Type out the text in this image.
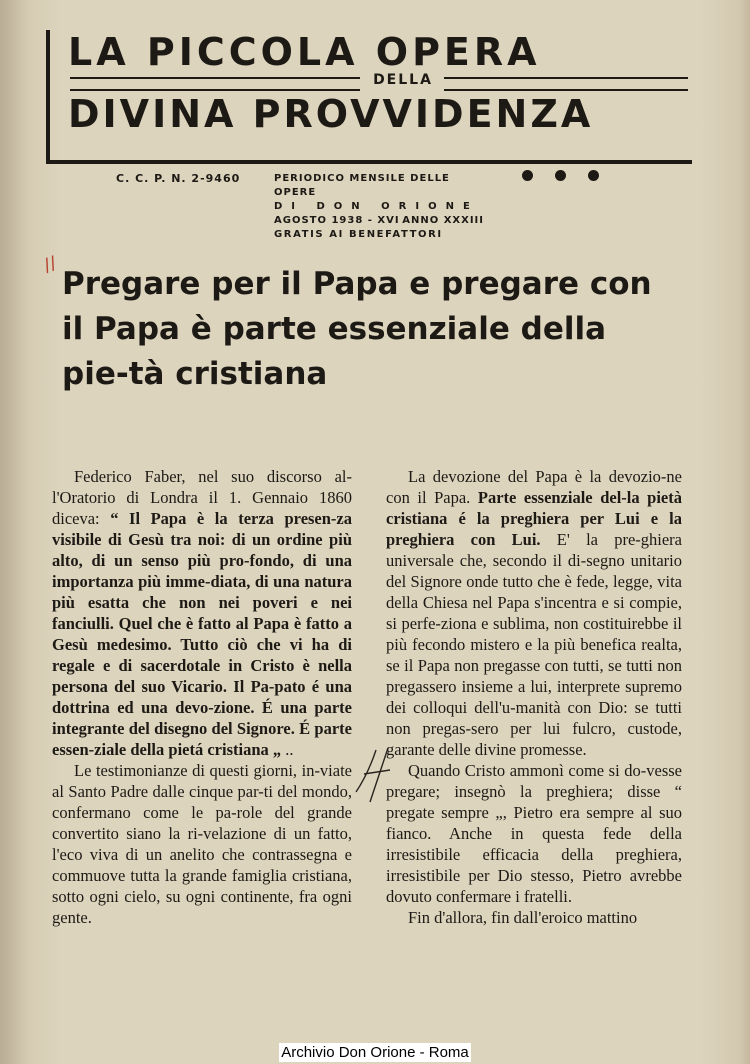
LA PICCOLA OPERA
DELLA
DIVINA PROVVIDENZA
C. C. P. N. 2-9460	PERIODICO MENSILE DELLE OPERE
DI DON ORIONE
AGOSTO 1938 - XVI ANNO XXXIII
GRATIS AI BENEFATTORI
//
Pregare per il Papa e pregare con il Papa è parte essenziale della pie-tà cristiana

Federico Faber, nel suo discorso al-l'Oratorio di Londra il 1. Gennaio 1860 diceva: “ Il Papa è la terza presen-za visibile di Gesù tra noi: di un ordine più alto, di un senso più pro-fondo, di una importanza più imme-diata, di una natura più esatta che non nei poveri e nei fanciulli. Quel che è fatto al Papa è fatto a Gesù medesimo. Tutto ciò che vi ha di regale e di sacerdotale in Cristo è nella persona del suo Vicario. Il Pa-pato é una dottrina ed una devo-zione. É una parte integrante del disegno del Signore. É parte essen-ziale della pietá cristiana „ ..

Le testimonianze di questi giorni, in-viate al Santo Padre dalle cinque par-ti del mondo, confermano come le pa-role del grande convertito siano la ri-velazione di un fatto, l'eco viva di un anelito che contrassegna e commuove tutta la grande famiglia cristiana, sotto ogni cielo, su ogni continente, fra ogni gente.

La devozione del Papa è la devozio-ne con il Papa. Parte essenziale del-la pietà cristiana é la preghiera per Lui e la preghiera con Lui. E' la pre-ghiera universale che, secondo il di-segno unitario del Signore onde tutto che è fede, legge, vita della Chiesa nel Papa s'incentra e si compie, si perfe-ziona e sublima, non costituirebbe il più fecondo mistero e la più benefica realta, se il Papa non pregasse con tutti, se tutti non pregassero insieme a lui, interprete supremo dei colloqui dell'u-manità con Dio: se tutti non pregas-sero per lui fulcro, custode, garante delle divine promesse.

Quando Cristo ammonì come si do-vesse pregare; insegnò la preghiera; disse “ pregate sempre „, Pietro era sempre al suo fianco. Anche in questa fede della irresistibile efficacia della preghiera, irresistibile per Dio stesso, Pietro avrebbe dovuto confermare i fratelli.

Fin d'allora, fin dall'eroico mattino

Archivio Don Orione - Roma
